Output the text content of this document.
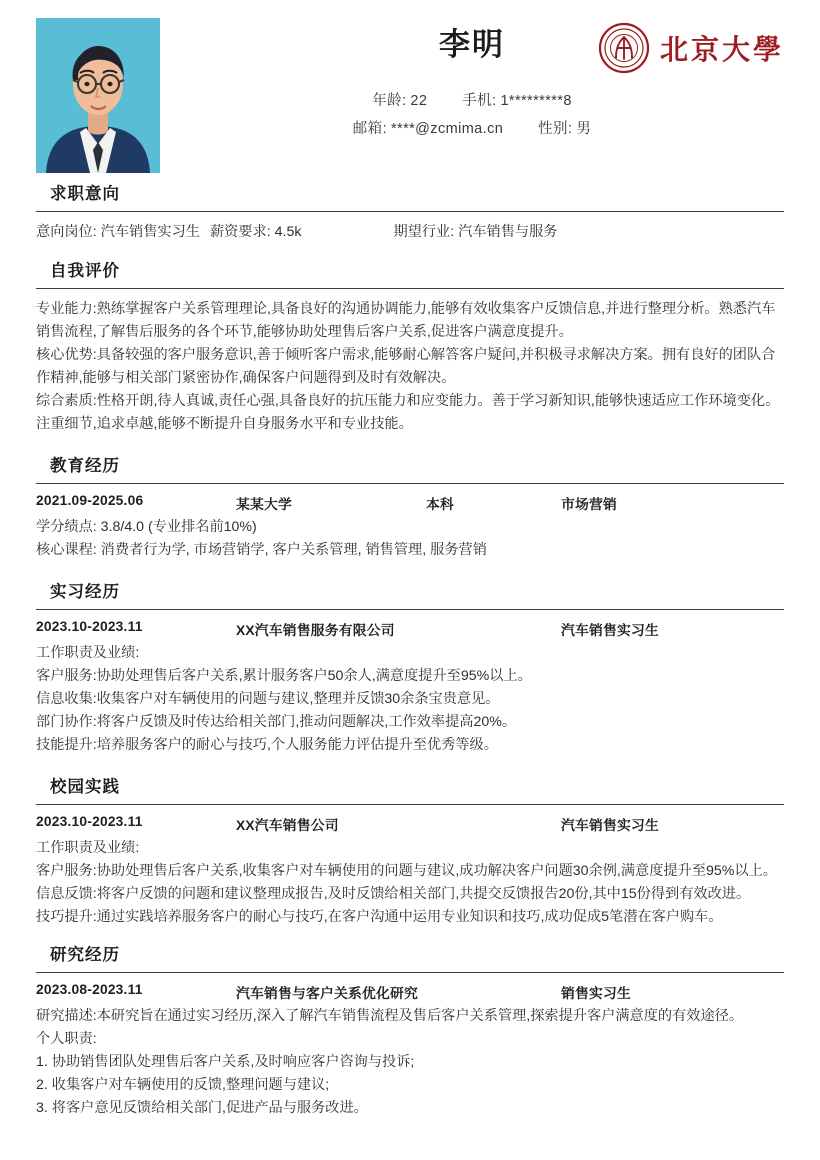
李明
年龄: 22 手机: 1*********8
邮箱: ****@zcmima.cn 性别: 男
北京大學
求职意向
意向岗位: 汽车销售实习生 薪资要求: 4.5k	期望行业: 汽车销售与服务
自我评价

专业能力:熟练掌握客户关系管理理论,具备良好的沟通协调能力,能够有效收集客户反馈信息,并进行整理分析。熟悉汽车销售流程,了解售后服务的各个环节,能够协助处理售后客户关系,促进客户满意度提升。

核心优势:具备较强的客户服务意识,善于倾听客户需求,能够耐心解答客户疑问,并积极寻求解决方案。拥有良好的团队合作精神,能够与相关部门紧密协作,确保客户问题得到及时有效解决。

综合素质:性格开朗,待人真诚,责任心强,具备良好的抗压能力和应变能力。善于学习新知识,能够快速适应工作环境变化。注重细节,追求卓越,能够不断提升自身服务水平和专业技能。

教育经历
2021.09-2025.06	某某大学	本科	市场营销
学分绩点: 3.8/4.0 (专业排名前10%)
核心课程: 消费者行为学, 市场营销学, 客户关系管理, 销售管理, 服务营销
实习经历
2023.10-2023.11	XX汽车销售服务有限公司	汽车销售实习生
工作职责及业绩:
客户服务:协助处理售后客户关系,累计服务客户50余人,满意度提升至95%以上。
信息收集:收集客户对车辆使用的问题与建议,整理并反馈30余条宝贵意见。
部门协作:将客户反馈及时传达给相关部门,推动问题解决,工作效率提高20%。
技能提升:培养服务客户的耐心与技巧,个人服务能力评估提升至优秀等级。
校园实践
2023.10-2023.11	XX汽车销售公司	汽车销售实习生
工作职责及业绩:
客户服务:协助处理售后客户关系,收集客户对车辆使用的问题与建议,成功解决客户问题30余例,满意度提升至95%以上。
信息反馈:将客户反馈的问题和建议整理成报告,及时反馈给相关部门,共提交反馈报告20份,其中15份得到有效改进。
技巧提升:通过实践培养服务客户的耐心与技巧,在客户沟通中运用专业知识和技巧,成功促成5笔潜在客户购车。
研究经历
2023.08-2023.11	汽车销售与客户关系优化研究	销售实习生
研究描述:本研究旨在通过实习经历,深入了解汽车销售流程及售后客户关系管理,探索提升客户满意度的有效途径。
个人职责:
1. 协助销售团队处理售后客户关系,及时响应客户咨询与投诉;
2. 收集客户对车辆使用的反馈,整理问题与建议;
3. 将客户意见反馈给相关部门,促进产品与服务改进。
